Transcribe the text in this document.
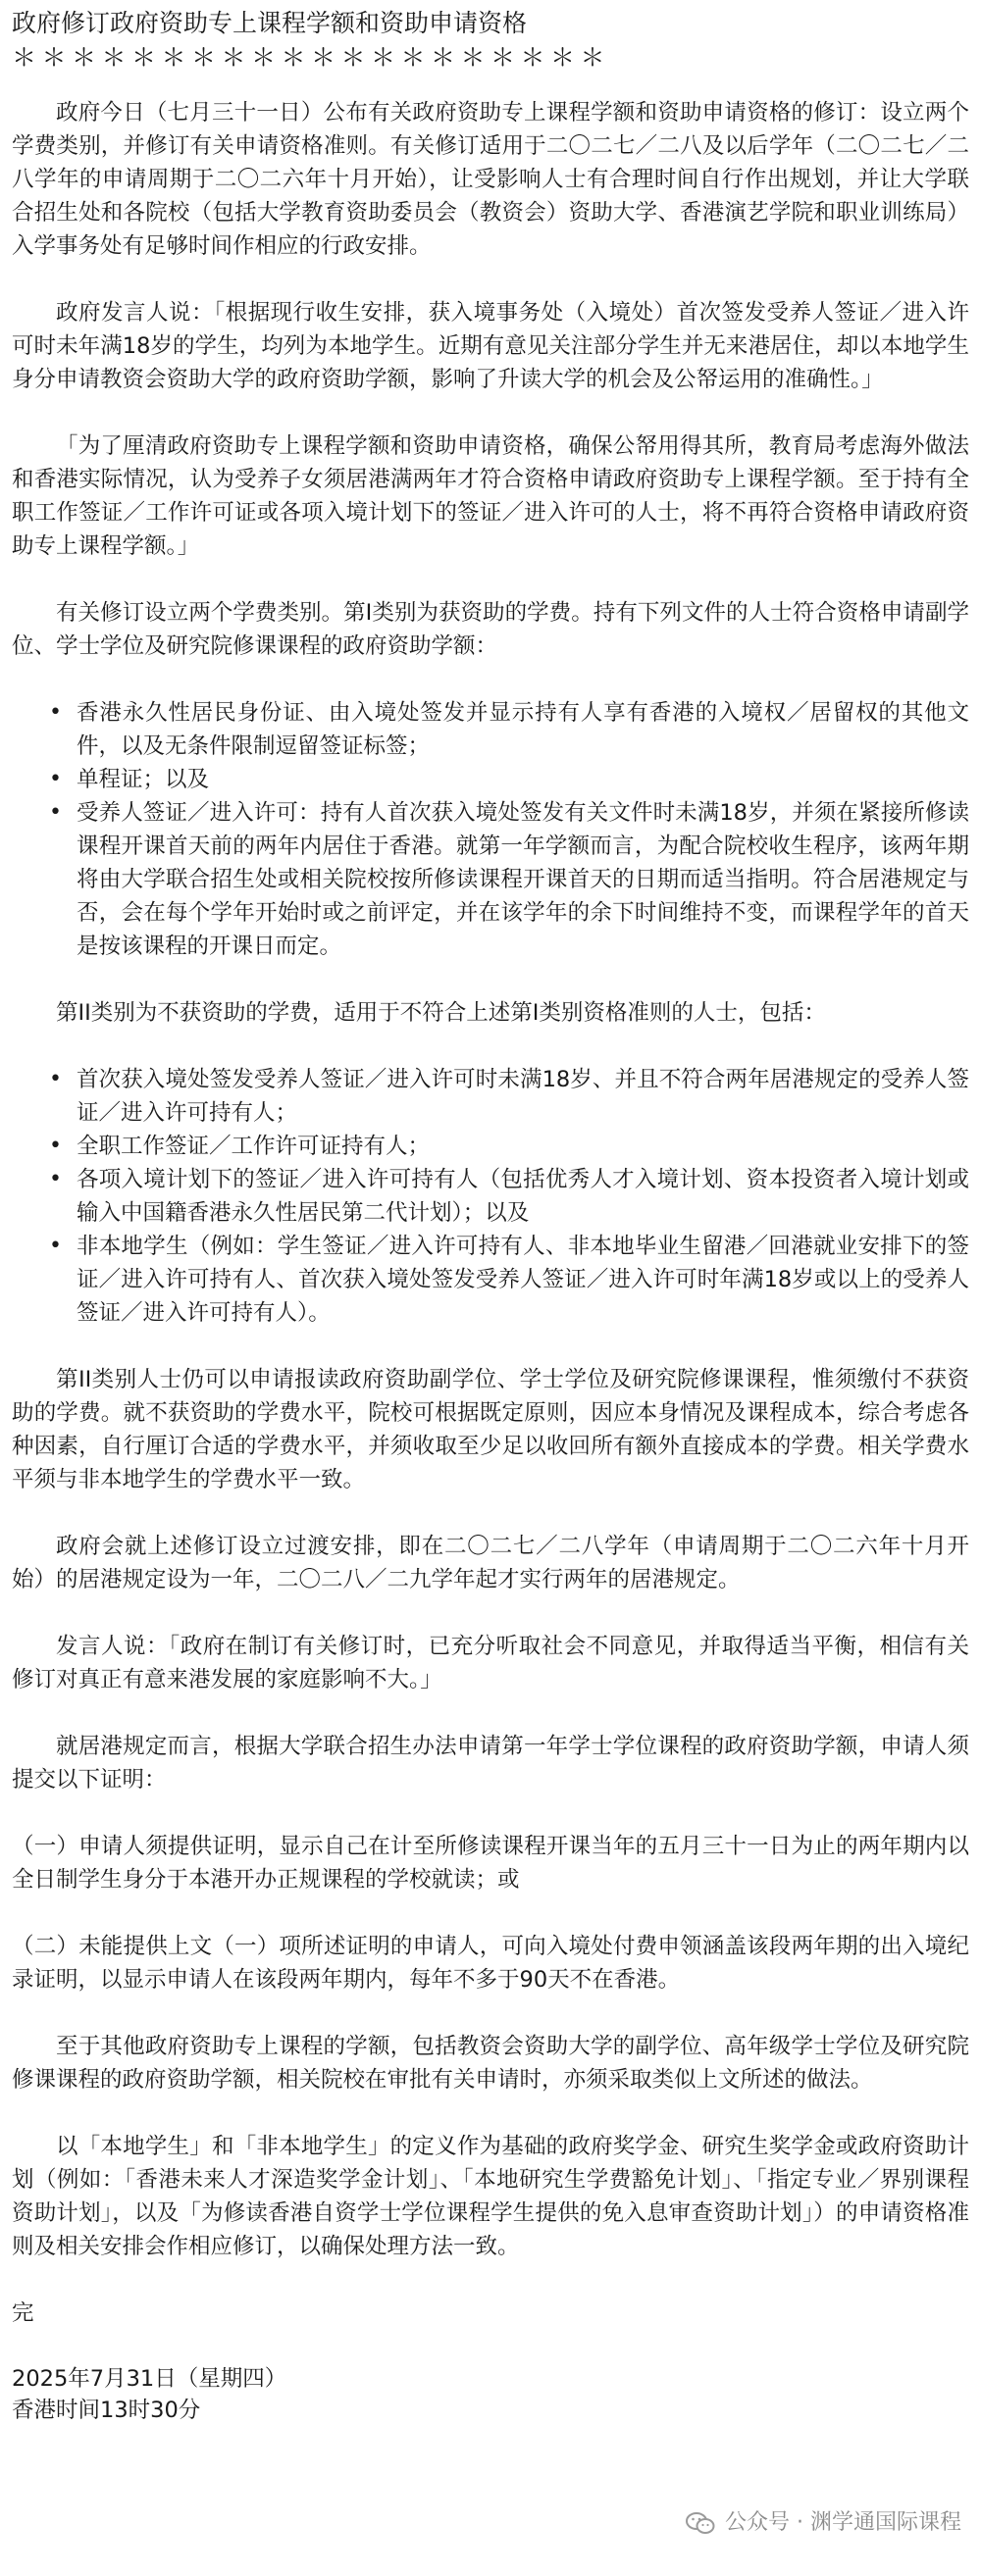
政府修订政府资助专上课程学额和资助申请资格
＊＊＊＊＊＊＊＊＊＊＊＊＊＊＊＊＊＊＊＊

政府今日（七月三十一日）公布有关政府资助专上课程学额和资助申请资格的修订：设立两个学费类别，并修订有关申请资格准则。有关修订适用于二〇二七／二八及以后学年（二〇二七／二八学年的申请周期于二〇二六年十月开始），让受影响人士有合理时间自行作出规划，并让大学联合招生处和各院校（包括大学教育资助委员会（教资会）资助大学、香港演艺学院和职业训练局）入学事务处有足够时间作相应的行政安排。

政府发言人说：「根据现行收生安排，获入境事务处（入境处）首次签发受养人签证／进入许可时未年满18岁的学生，均列为本地学生。近期有意见关注部分学生并无来港居住，却以本地学生身分申请教资会资助大学的政府资助学额，影响了升读大学的机会及公帑运用的准确性。」

「为了厘清政府资助专上课程学额和资助申请资格，确保公帑用得其所，教育局考虑海外做法和香港实际情况，认为受养子女须居港满两年才符合资格申请政府资助专上课程学额。至于持有全职工作签证／工作许可证或各项入境计划下的签证／进入许可的人士，将不再符合资格申请政府资助专上课程学额。」

有关修订设立两个学费类别。第I类别为获资助的学费。持有下列文件的人士符合资格申请副学位、学士学位及研究院修课课程的政府资助学额：

• 香港永久性居民身份证、由入境处签发并显示持有人享有香港的入境权／居留权的其他文件，以及无条件限制逗留签证标签；
• 单程证；以及
• 受养人签证／进入许可：持有人首次获入境处签发有关文件时未满18岁，并须在紧接所修读课程开课首天前的两年内居住于香港。就第一年学额而言，为配合院校收生程序，该两年期将由大学联合招生处或相关院校按所修读课程开课首天的日期而适当指明。符合居港规定与否，会在每个学年开始时或之前评定，并在该学年的余下时间维持不变，而课程学年的首天是按该课程的开课日而定。

第II类别为不获资助的学费，适用于不符合上述第I类别资格准则的人士，包括：

• 首次获入境处签发受养人签证／进入许可时未满18岁、并且不符合两年居港规定的受养人签证／进入许可持有人；
• 全职工作签证／工作许可证持有人；
• 各项入境计划下的签证／进入许可持有人（包括优秀人才入境计划、资本投资者入境计划或输入中国籍香港永久性居民第二代计划）；以及
• 非本地学生（例如：学生签证／进入许可持有人、非本地毕业生留港／回港就业安排下的签证／进入许可持有人、首次获入境处签发受养人签证／进入许可时年满18岁或以上的受养人签证／进入许可持有人）。

第II类别人士仍可以申请报读政府资助副学位、学士学位及研究院修课课程，惟须缴付不获资助的学费。就不获资助的学费水平，院校可根据既定原则，因应本身情况及课程成本，综合考虑各种因素，自行厘订合适的学费水平，并须收取至少足以收回所有额外直接成本的学费。相关学费水平须与非本地学生的学费水平一致。

政府会就上述修订设立过渡安排，即在二〇二七／二八学年（申请周期于二〇二六年十月开始）的居港规定设为一年，二〇二八／二九学年起才实行两年的居港规定。

发言人说：「政府在制订有关修订时，已充分听取社会不同意见，并取得适当平衡，相信有关修订对真正有意来港发展的家庭影响不大。」

就居港规定而言，根据大学联合招生办法申请第一年学士学位课程的政府资助学额，申请人须提交以下证明：

（一）申请人须提供证明，显示自己在计至所修读课程开课当年的五月三十一日为止的两年期内以全日制学生身分于本港开办正规课程的学校就读；或

（二）未能提供上文（一）项所述证明的申请人，可向入境处付费申领涵盖该段两年期的出入境纪录证明，以显示申请人在该段两年期内，每年不多于90天不在香港。

至于其他政府资助专上课程的学额，包括教资会资助大学的副学位、高年级学士学位及研究院修课课程的政府资助学额，相关院校在审批有关申请时，亦须采取类似上文所述的做法。

以「本地学生」和「非本地学生」的定义作为基础的政府奖学金、研究生奖学金或政府资助计划（例如：「香港未来人才深造奖学金计划」、「本地研究生学费豁免计划」、「指定专业／界别课程资助计划」，以及「为修读香港自资学士学位课程学生提供的免入息审查资助计划」）的申请资格准则及相关安排会作相应修订，以确保处理方法一致。

完
2025年7月31日（星期四）
香港时间13时30分
公众号 · 渊学通国际课程
